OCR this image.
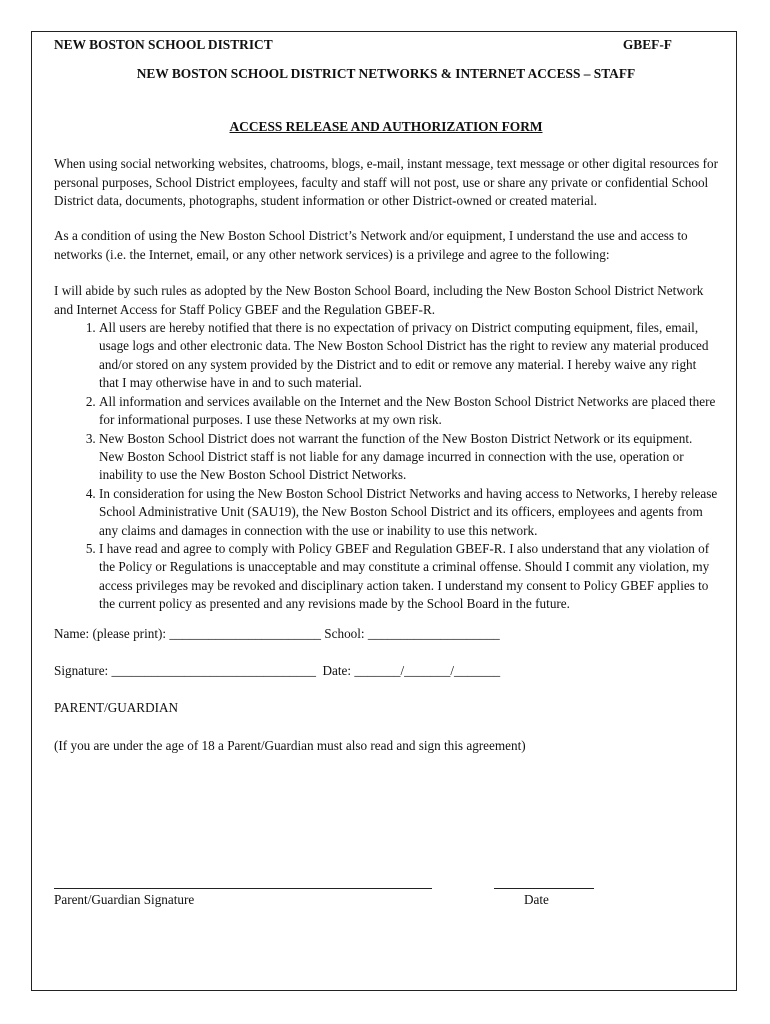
NEW BOSTON SCHOOL DISTRICT	GBEF-F
NEW BOSTON SCHOOL DISTRICT NETWORKS & INTERNET ACCESS – STAFF
ACCESS RELEASE AND AUTHORIZATION FORM

When using social networking websites, chatrooms, blogs, e-mail, instant message, text message or other digital resources for personal purposes, School District employees, faculty and staff will not post, use or share any private or confidential School District data, documents, photographs, student information or other District-owned or created material.

As a condition of using the New Boston School District’s Network and/or equipment, I understand the use and access to networks (i.e. the Internet, email, or any other network services) is a privilege and agree to the following:

I will abide by such rules as adopted by the New Boston School Board, including the New Boston School District Network and Internet Access for Staff Policy GBEF and the Regulation GBEF-R.

1. All users are hereby notified that there is no expectation of privacy on District computing equipment, files, email, usage logs and other electronic data. The New Boston School District has the right to review any material produced and/or stored on any system provided by the District and to edit or remove any material. I hereby waive any right that I may otherwise have in and to such material.
2. All information and services available on the Internet and the New Boston School District Networks are placed there for informational purposes. I use these Networks at my own risk.
3. New Boston School District does not warrant the function of the New Boston District Network or its equipment. New Boston School District staff is not liable for any damage incurred in connection with the use, operation or inability to use the New Boston School District Networks.
4. In consideration for using the New Boston School District Networks and having access to Networks, I hereby release School Administrative Unit (SAU19), the New Boston School District and its officers, employees and agents from any claims and damages in connection with the use or inability to use this network.
5. I have read and agree to comply with Policy GBEF and Regulation GBEF-R. I also understand that any violation of the Policy or Regulations is unacceptable and may constitute a criminal offense. Should I commit any violation, my access privileges may be revoked and disciplinary action taken. I understand my consent to Policy GBEF applies to the current policy as presented and any revisions made by the School Board in the future.
Name: (please print): _______________________ School: ____________________
Signature: _______________________________  Date: _______/_______/_______
PARENT/GUARDIAN
(If you are under the age of 18 a Parent/Guardian must also read and sign this agreement)
Parent/Guardian Signature	Date
